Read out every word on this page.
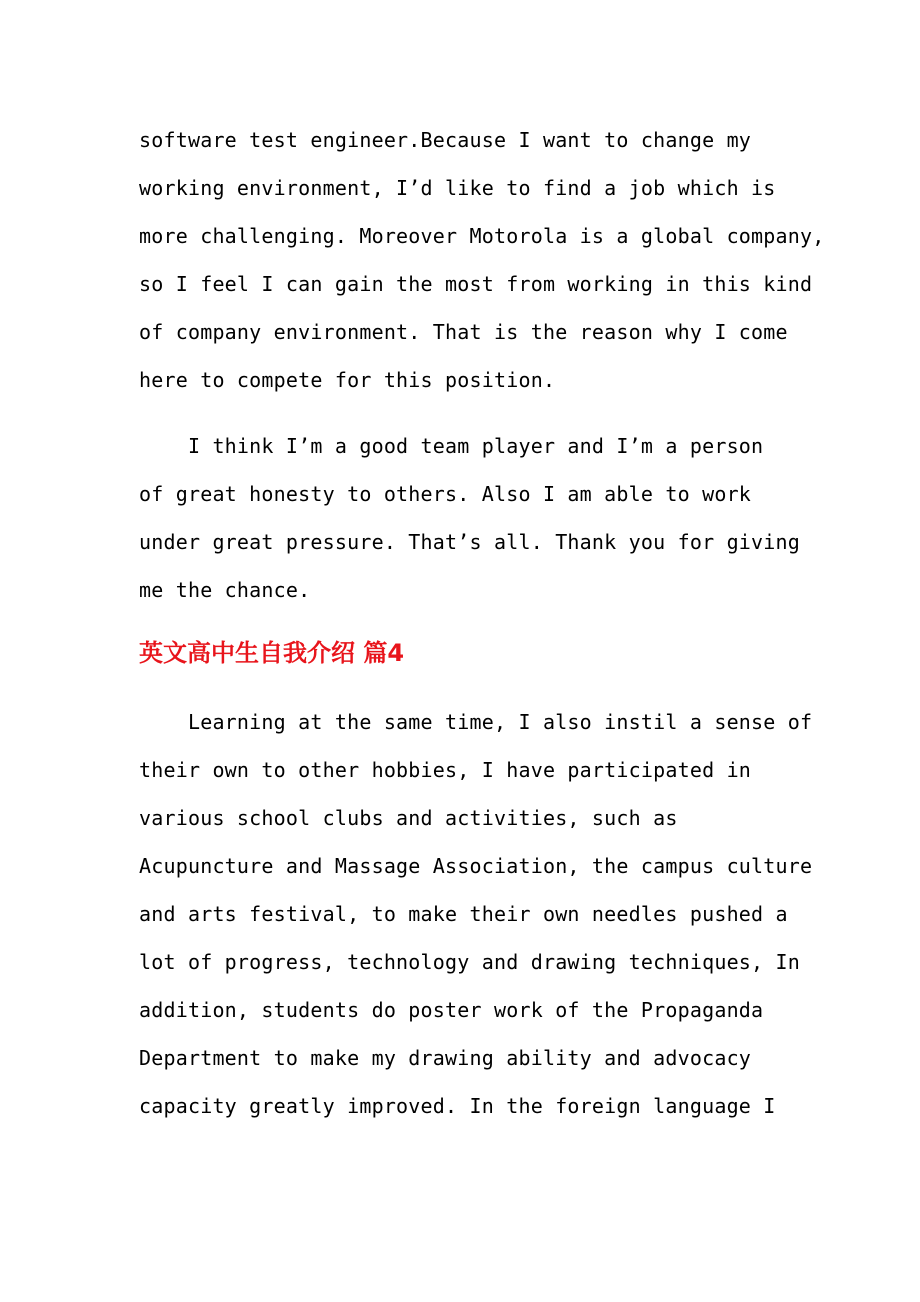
software test engineer.Because I want to change my
working environment, I’d like to find a job which is
more challenging. Moreover Motorola is a global company,
so I feel I can gain the most from working in this kind
of company environment. That is the reason why I come
here to compete for this position.
I think I’m a good team player and I’m a person
of great honesty to others. Also I am able to work
under great pressure. That’s all. Thank you for giving
me the chance.
英文高中生自我介绍 篇4
Learning at the same time, I also instil a sense of
their own to other hobbies, I have participated in
various school clubs and activities, such as
Acupuncture and Massage Association, the campus culture
and arts festival, to make their own needles pushed a
lot of progress, technology and drawing techniques, In
addition, students do poster work of the Propaganda
Department to make my drawing ability and advocacy
capacity greatly improved. In the foreign language I
